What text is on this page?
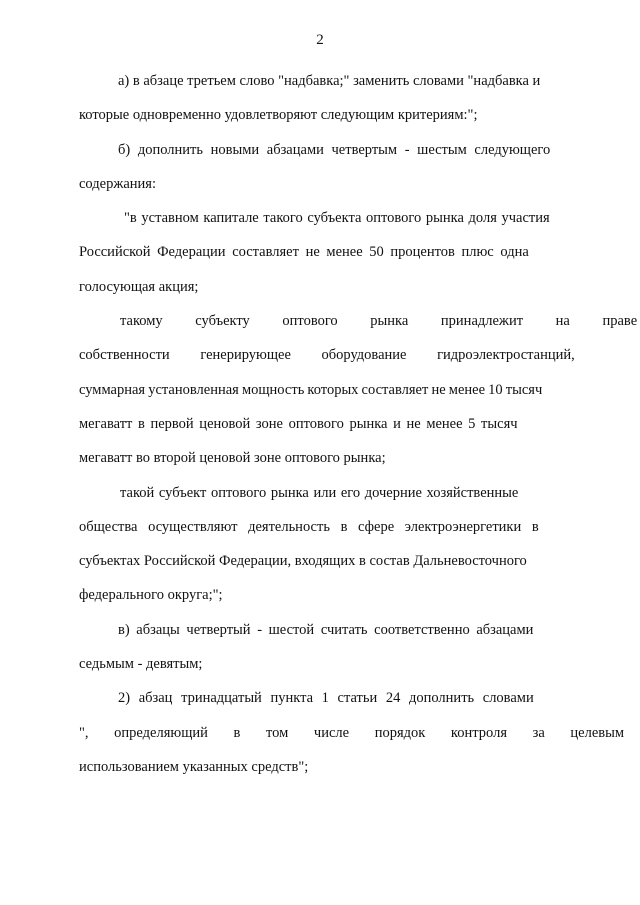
2
а) в абзаце третьем слово "надбавка;" заменить словами "надбавка и
которые одновременно удовлетворяют следующим критериям:";
б) дополнить новыми абзацами четвертым - шестым следующего
содержания:
"в уставном капитале такого субъекта оптового рынка доля участия
Российской Федерации составляет не менее 50 процентов плюс одна
голосующая акция;
такому субъекту оптового рынка принадлежит на праве
собственности генерирующее оборудование гидроэлектростанций,
суммарная установленная мощность которых составляет не менее 10 тысяч
мегаватт в первой ценовой зоне оптового рынка и не менее 5 тысяч
мегаватт во второй ценовой зоне оптового рынка;
такой субъект оптового рынка или его дочерние хозяйственные
общества осуществляют деятельность в сфере электроэнергетики в
субъектах Российской Федерации, входящих в состав Дальневосточного
федерального округа;";
в) абзацы четвертый - шестой считать соответственно абзацами
седьмым - девятым;
2) абзац тринадцатый пункта 1 статьи 24 дополнить словами
", определяющий в том числе порядок контроля за целевым
использованием указанных средств";
